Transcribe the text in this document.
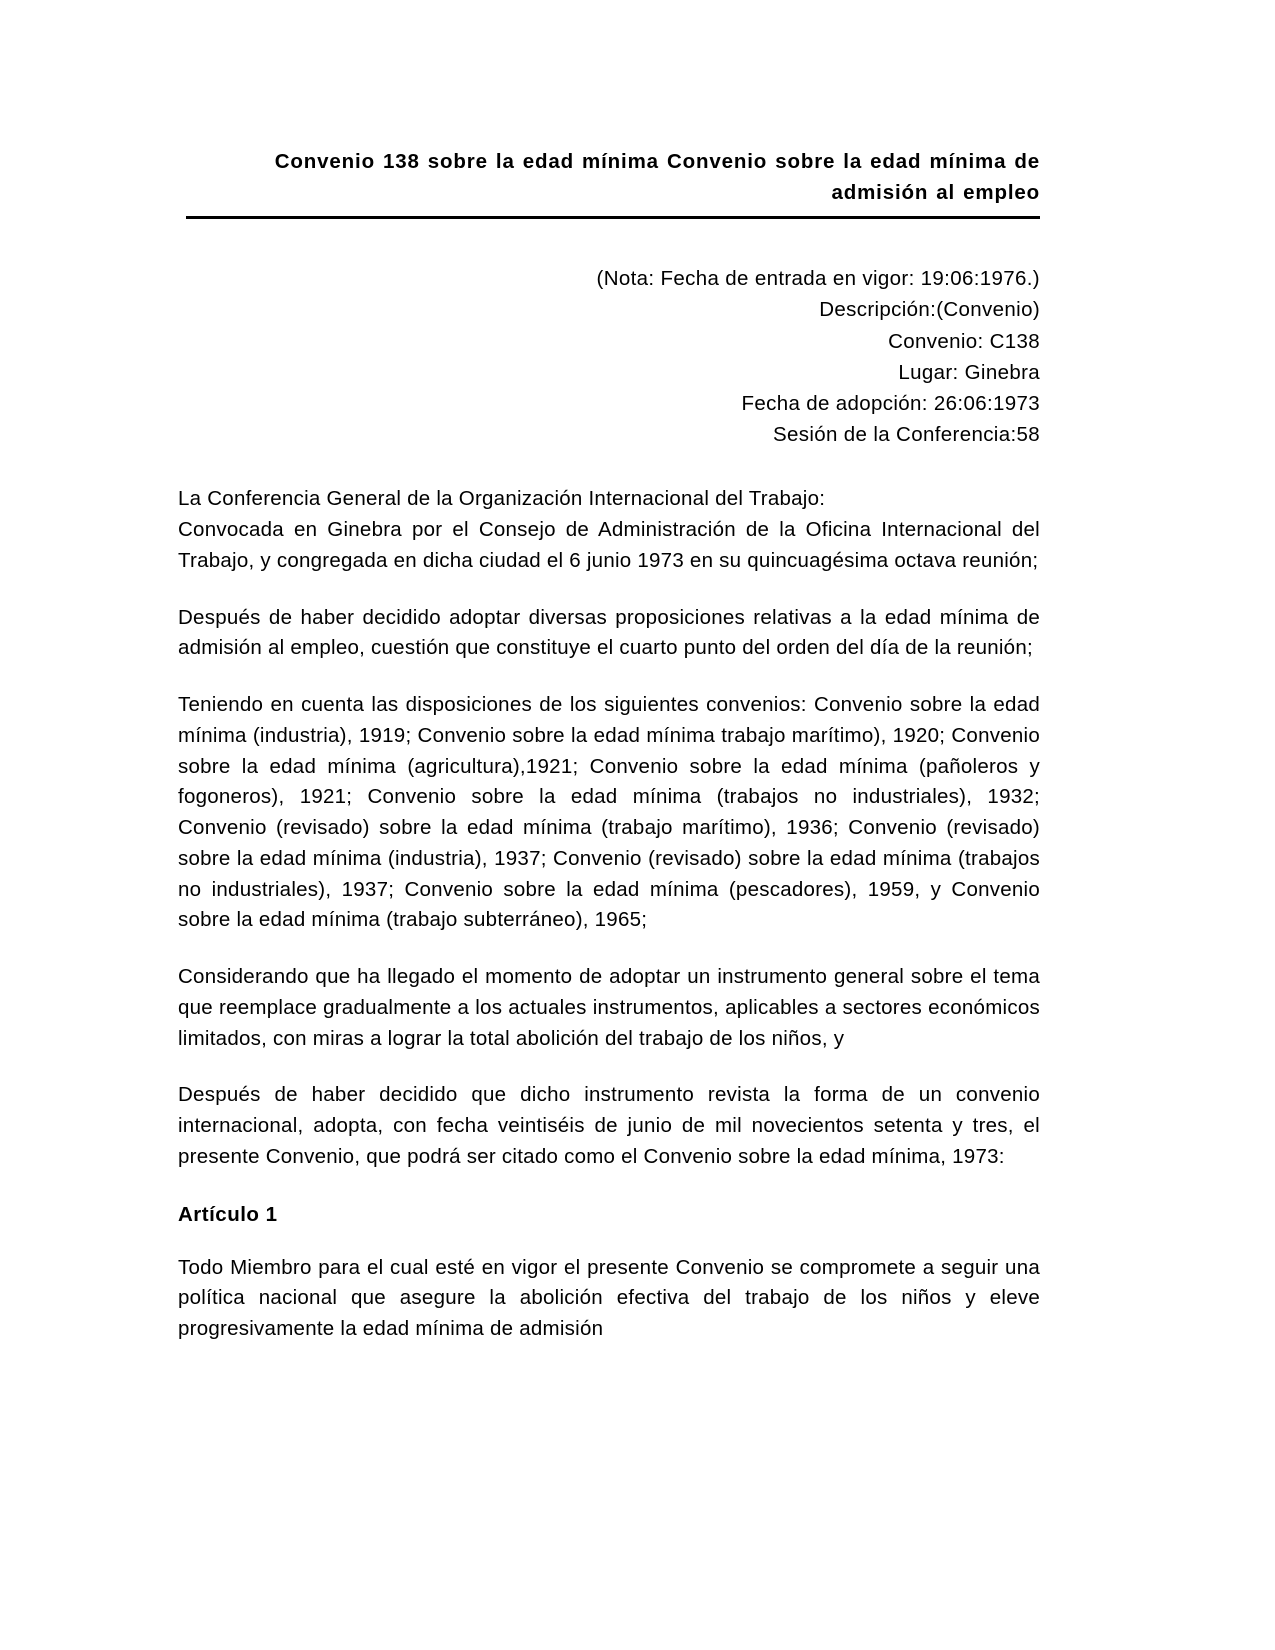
Convenio 138 sobre la edad mínima Convenio sobre la edad mínima de admisión al empleo
(Nota: Fecha de entrada en vigor: 19:06:1976.)
Descripción:(Convenio)
Convenio: C138
Lugar: Ginebra
Fecha de adopción: 26:06:1973
Sesión de la Conferencia:58

La Conferencia General de la Organización Internacional del Trabajo:

Convocada en Ginebra por el Consejo de Administración de la Oficina Internacional del Trabajo, y congregada en dicha ciudad el 6 junio 1973 en su quincuagésima octava reunión;

Después de haber decidido adoptar diversas proposiciones relativas a la edad mínima de admisión al empleo, cuestión que constituye el cuarto punto del orden del día de la reunión;

Teniendo en cuenta las disposiciones de los siguientes convenios: Convenio sobre la edad mínima (industria), 1919; Convenio sobre la edad mínima trabajo marítimo), 1920; Convenio sobre la edad mínima (agricultura),1921; Convenio sobre la edad mínima (pañoleros y fogoneros), 1921; Convenio sobre la edad mínima (trabajos no industriales), 1932; Convenio (revisado) sobre la edad mínima (trabajo marítimo), 1936; Convenio (revisado) sobre la edad mínima (industria), 1937; Convenio (revisado) sobre la edad mínima (trabajos no industriales), 1937; Convenio sobre la edad mínima (pescadores), 1959, y Convenio sobre la edad mínima (trabajo subterráneo), 1965;

Considerando que ha llegado el momento de adoptar un instrumento general sobre el tema que reemplace gradualmente a los actuales instrumentos, aplicables a sectores económicos limitados, con miras a lograr la total abolición del trabajo de los niños, y

Después de haber decidido que dicho instrumento revista la forma de un convenio internacional, adopta, con fecha veintiséis de junio de mil novecientos setenta y tres, el presente Convenio, que podrá ser citado como el Convenio sobre la edad mínima, 1973:

Artículo 1

Todo Miembro para el cual esté en vigor el presente Convenio se compromete a seguir una política nacional que asegure la abolición efectiva del trabajo de los niños y eleve progresivamente la edad mínima de admisión
